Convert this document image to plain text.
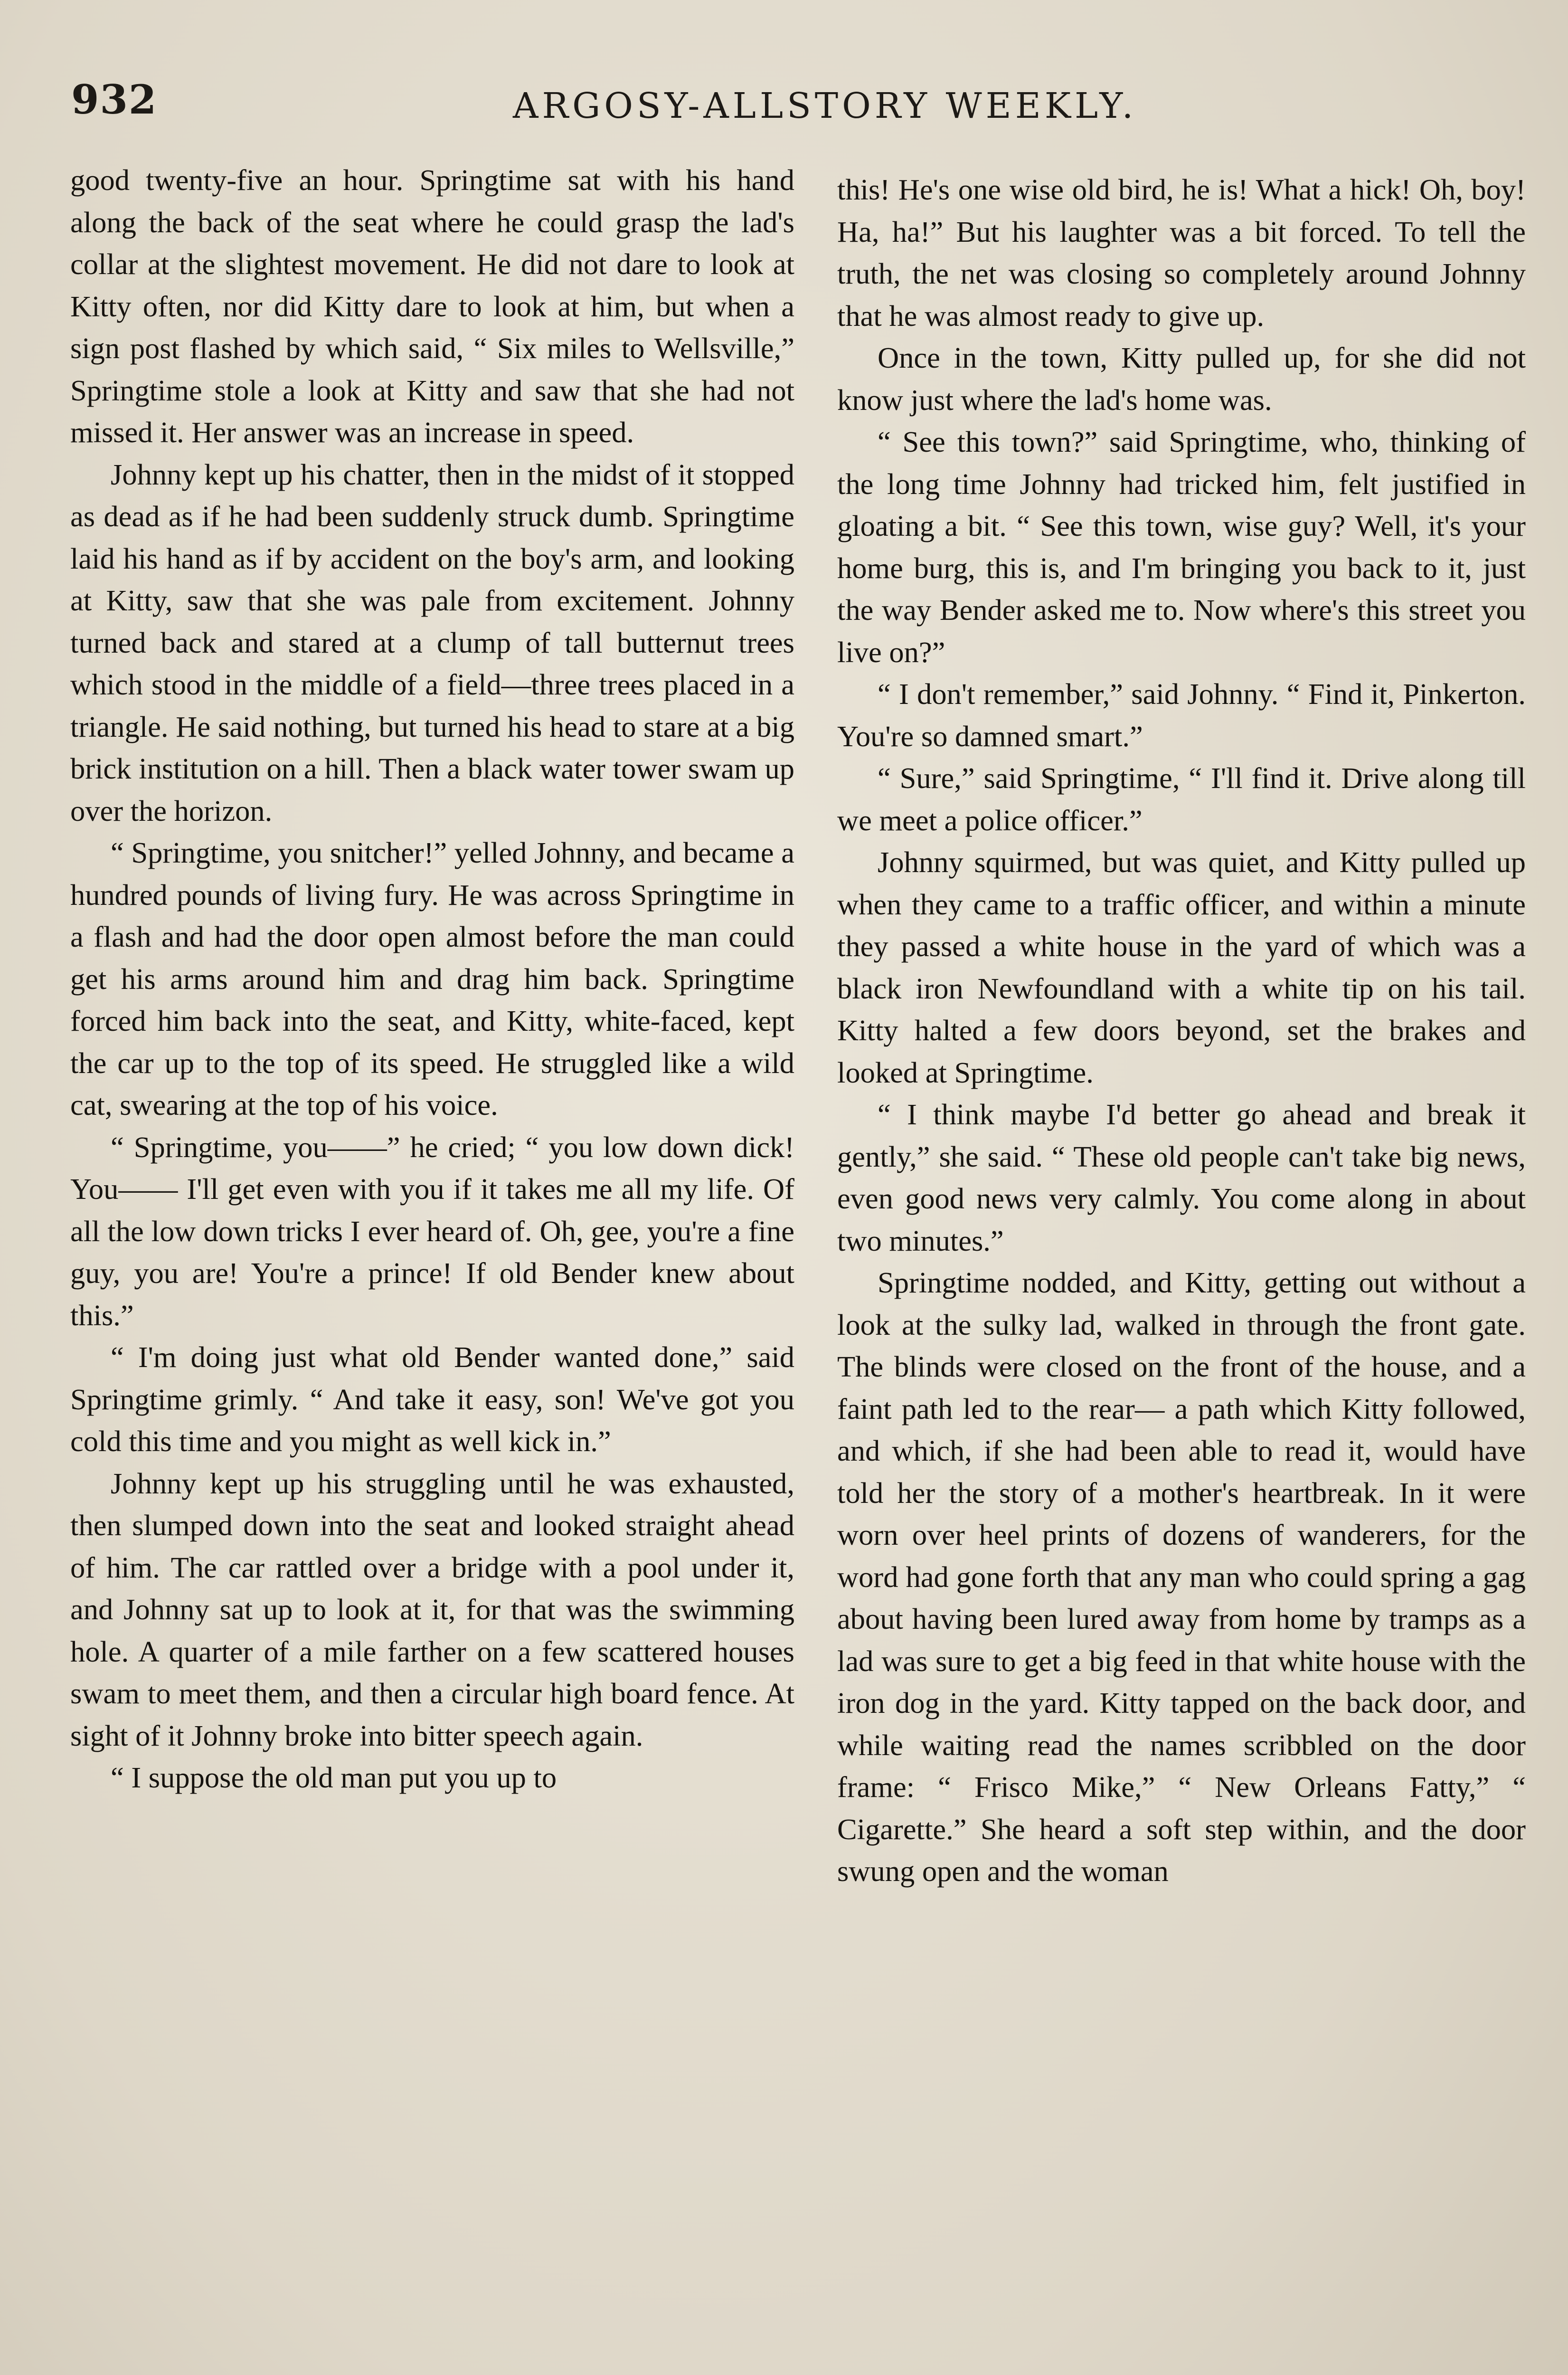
932	ARGOSY-ALLSTORY WEEKLY.

good twenty-five an hour. Springtime sat with his hand along the back of the seat where he could grasp the lad's collar at the slightest movement. He did not dare to look at Kitty often, nor did Kitty dare to look at him, but when a sign post flashed by which said, “ Six miles to Wellsville,” Springtime stole a look at Kitty and saw that she had not missed it. Her answer was an increase in speed.

Johnny kept up his chatter, then in the midst of it stopped as dead as if he had been suddenly struck dumb. Springtime laid his hand as if by accident on the boy's arm, and looking at Kitty, saw that she was pale from excitement. Johnny turned back and stared at a clump of tall butternut trees which stood in the middle of a field—three trees placed in a triangle. He said nothing, but turned his head to stare at a big brick institution on a hill. Then a black water tower swam up over the horizon.

“ Springtime, you snitcher!” yelled Johnny, and became a hundred pounds of living fury. He was across Springtime in a flash and had the door open almost before the man could get his arms around him and drag him back. Springtime forced him back into the seat, and Kitty, white-faced, kept the car up to the top of its speed. He struggled like a wild cat, swearing at the top of his voice.

“ Springtime, you——” he cried; “ you low down dick! You—— I'll get even with you if it takes me all my life. Of all the low down tricks I ever heard of. Oh, gee, you're a fine guy, you are! You're a prince! If old Bender knew about this.”

“ I'm doing just what old Bender wanted done,” said Springtime grimly. “ And take it easy, son! We've got you cold this time and you might as well kick in.”

Johnny kept up his struggling until he was exhausted, then slumped down into the seat and looked straight ahead of him. The car rattled over a bridge with a pool under it, and Johnny sat up to look at it, for that was the swimming hole. A quarter of a mile farther on a few scattered houses swam to meet them, and then a circular high board fence. At sight of it Johnny broke into bitter speech again.

“ I suppose the old man put you up to

this! He's one wise old bird, he is! What a hick! Oh, boy! Ha, ha!” But his laughter was a bit forced. To tell the truth, the net was closing so completely around Johnny that he was almost ready to give up.

Once in the town, Kitty pulled up, for she did not know just where the lad's home was.

“ See this town?” said Springtime, who, thinking of the long time Johnny had tricked him, felt justified in gloating a bit. “ See this town, wise guy? Well, it's your home burg, this is, and I'm bringing you back to it, just the way Bender asked me to. Now where's this street you live on?”

“ I don't remember,” said Johnny. “ Find it, Pinkerton. You're so damned smart.”

“ Sure,” said Springtime, “ I'll find it. Drive along till we meet a police officer.”

Johnny squirmed, but was quiet, and Kitty pulled up when they came to a traffic officer, and within a minute they passed a white house in the yard of which was a black iron Newfoundland with a white tip on his tail. Kitty halted a few doors beyond, set the brakes and looked at Springtime.

“ I think maybe I'd better go ahead and break it gently,” she said. “ These old people can't take big news, even good news very calmly. You come along in about two minutes.”

Springtime nodded, and Kitty, getting out without a look at the sulky lad, walked in through the front gate. The blinds were closed on the front of the house, and a faint path led to the rear— a path which Kitty followed, and which, if she had been able to read it, would have told her the story of a mother's heartbreak. In it were worn over heel prints of dozens of wanderers, for the word had gone forth that any man who could spring a gag about having been lured away from home by tramps as a lad was sure to get a big feed in that white house with the iron dog in the yard. Kitty tapped on the back door, and while waiting read the names scribbled on the door frame: “ Frisco Mike,” “ New Orleans Fatty,” “ Cigarette.” She heard a soft step within, and the door swung open and the woman
